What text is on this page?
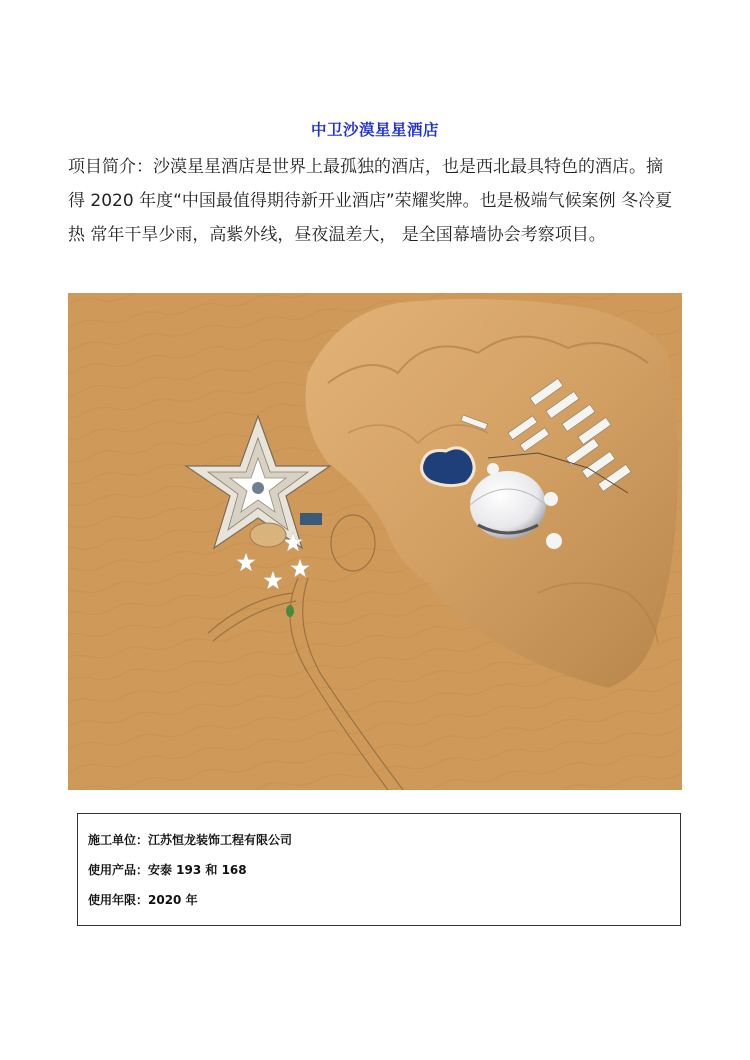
中卫沙漠星星酒店
项目简介：沙漠星星酒店是世界上最孤独的酒店，也是西北最具特色的酒店。摘
得 2020 年度“中国最值得期待新开业酒店”荣耀奖牌。也是极端气候案例 冬冷夏
热 常年干旱少雨，高紫外线，昼夜温差大， 是全国幕墙协会考察项目。
施工单位：江苏恒龙装饰工程有限公司
使用产品：安泰 193 和 168
使用年限：2020 年
